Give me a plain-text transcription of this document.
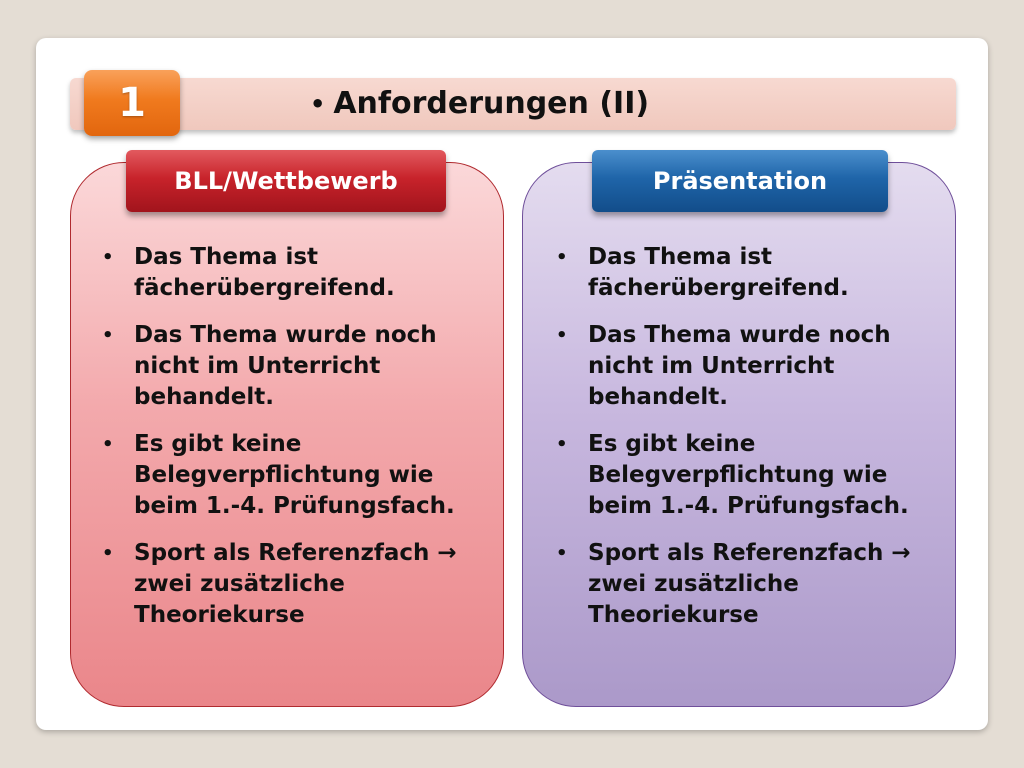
1	• Anforderungen (II)
BLL/Wettbewerb	Präsentation
• Das Thema ist fächerübergreifend.
• Das Thema wurde noch nicht im Unterricht behandelt.
• Es gibt keine Belegverpflichtung wie beim 1.-4. Prüfungsfach.
• Sport als Referenzfach → zwei zusätzliche Theoriekurse
• Das Thema ist fächerübergreifend.
• Das Thema wurde noch nicht im Unterricht behandelt.
• Es gibt keine Belegverpflichtung wie beim 1.-4. Prüfungsfach.
• Sport als Referenzfach → zwei zusätzliche Theoriekurse
